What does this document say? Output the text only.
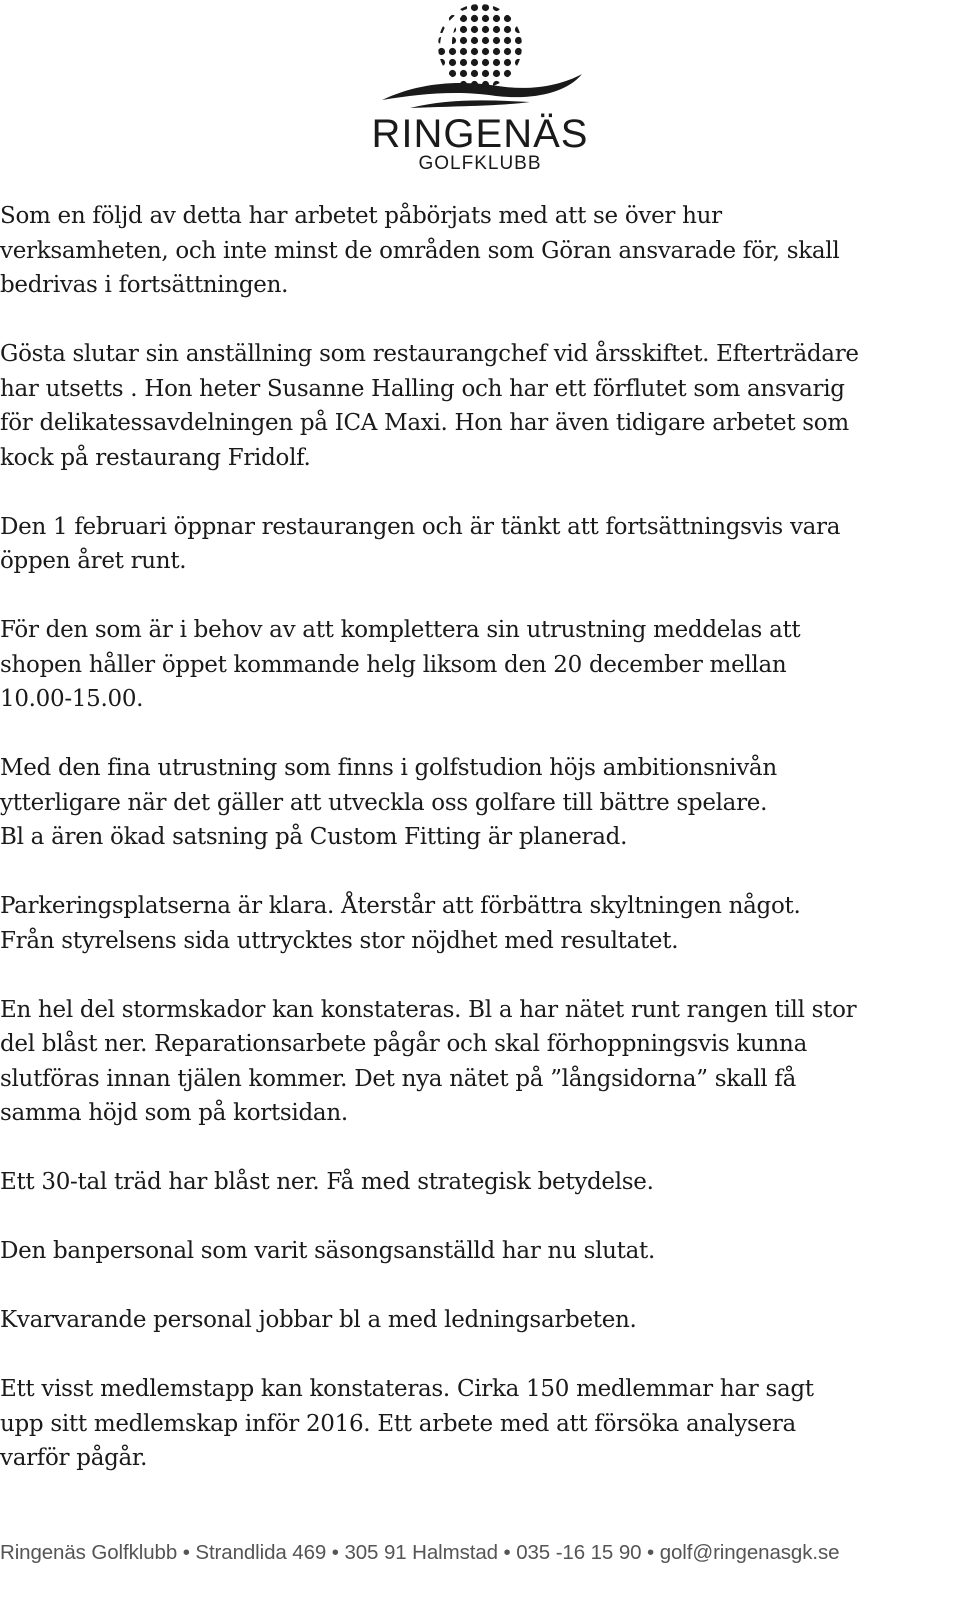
RINGENÄS
GOLFKLUBB

Som en följd av detta har arbetet påbörjats med att se över hur
verksamheten, och inte minst de områden som Göran ansvarade för, skall
bedrivas i fortsättningen.

Gösta slutar sin anställning som restaurangchef vid årsskiftet. Efterträdare
har utsetts . Hon heter Susanne Halling och har ett förflutet som ansvarig
för delikatessavdelningen på ICA Maxi. Hon har även tidigare arbetet som
kock på restaurang Fridolf.

Den 1 februari öppnar restaurangen och är tänkt att fortsättningsvis vara
öppen året runt.

För den som är i behov av att komplettera sin utrustning meddelas att
shopen håller öppet kommande helg liksom den 20 december mellan
10.00-15.00.

Med den fina utrustning som finns i golfstudion höjs ambitionsnivån
ytterligare när det gäller att utveckla oss golfare till bättre spelare.
Bl a ären ökad satsning på Custom Fitting är planerad.

Parkeringsplatserna är klara. Återstår att förbättra skyltningen något.
Från styrelsens sida uttrycktes stor nöjdhet med resultatet.

En hel del stormskador kan konstateras. Bl a har nätet runt rangen till stor
del blåst ner. Reparationsarbete pågår och skal förhoppningsvis kunna
slutföras innan tjälen kommer. Det nya nätet på ”långsidorna” skall få
samma höjd som på kortsidan.

Ett 30-tal träd har blåst ner. Få med strategisk betydelse.

Den banpersonal som varit säsongsanställd har nu slutat.

Kvarvarande personal jobbar bl a med ledningsarbeten.

Ett visst medlemstapp kan konstateras. Cirka 150 medlemmar har sagt
upp sitt medlemskap inför 2016. Ett arbete med att försöka analysera
varför pågår.

Ringenäs Golfklubb • Strandlida 469 • 305 91 Halmstad • 035 -16 15 90 • golf@ringenasgk.se
